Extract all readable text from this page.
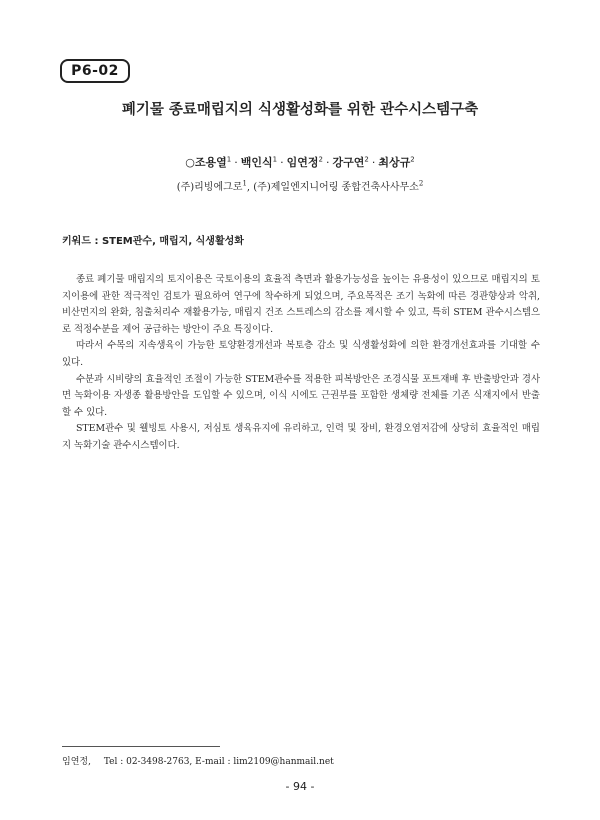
P6-02
폐기물 종료매립지의 식생활성화를 위한 관수시스템구축
○조용열$^1$ · 백인식$^1$ · 임연정$^2$ · 강구연$^2$ · 최상규$^2$
(주)리빙에그로$^1$, (주)제일엔지니어링 종합건축사사무소$^2$
키워드 : STEM관수, 매립지, 식생활성화

종료 폐기물 매립지의 토지이용은 국토이용의 효율적 측면과 활용가능성을 높이는 유용성이 있으므로 매립지의 토지이용에 관한 적극적인 검토가 필요하여 연구에 착수하게 되었으며, 주요목적은 조기 녹화에 따른 경관향상과 악취, 비산먼지의 완화, 침출처리수 재활용가능, 매립지 건조 스트레스의 감소를 제시할 수 있고, 특히 STEM 관수시스템으로 적정수분을 제어 공급하는 방안이 주요 특징이다.

따라서 수목의 지속생육이 가능한 토양환경개선과 복토층 감소 및 식생활성화에 의한 환경개선효과를 기대할 수 있다.

수분과 시비량의 효율적인 조절이 가능한 STEM관수를 적용한 피복방안은 조경식물 포트재배 후 반출방안과 경사면 녹화이용 자생종 활용방안을 도입할 수 있으며, 이식 시에도 근권부를 포함한 생체량 전체를 기존 식재지에서 반출할 수 있다.

STEM관수 및 웰빙토 사용시, 저심토 생육유지에 유리하고, 인력 및 장비, 환경오염저감에 상당히 효율적인 매립지 녹화기술 관수시스템이다.

임연정, Tel : 02-3498-2763, E-mail : lim2109@hanmail.net
- 94 -
